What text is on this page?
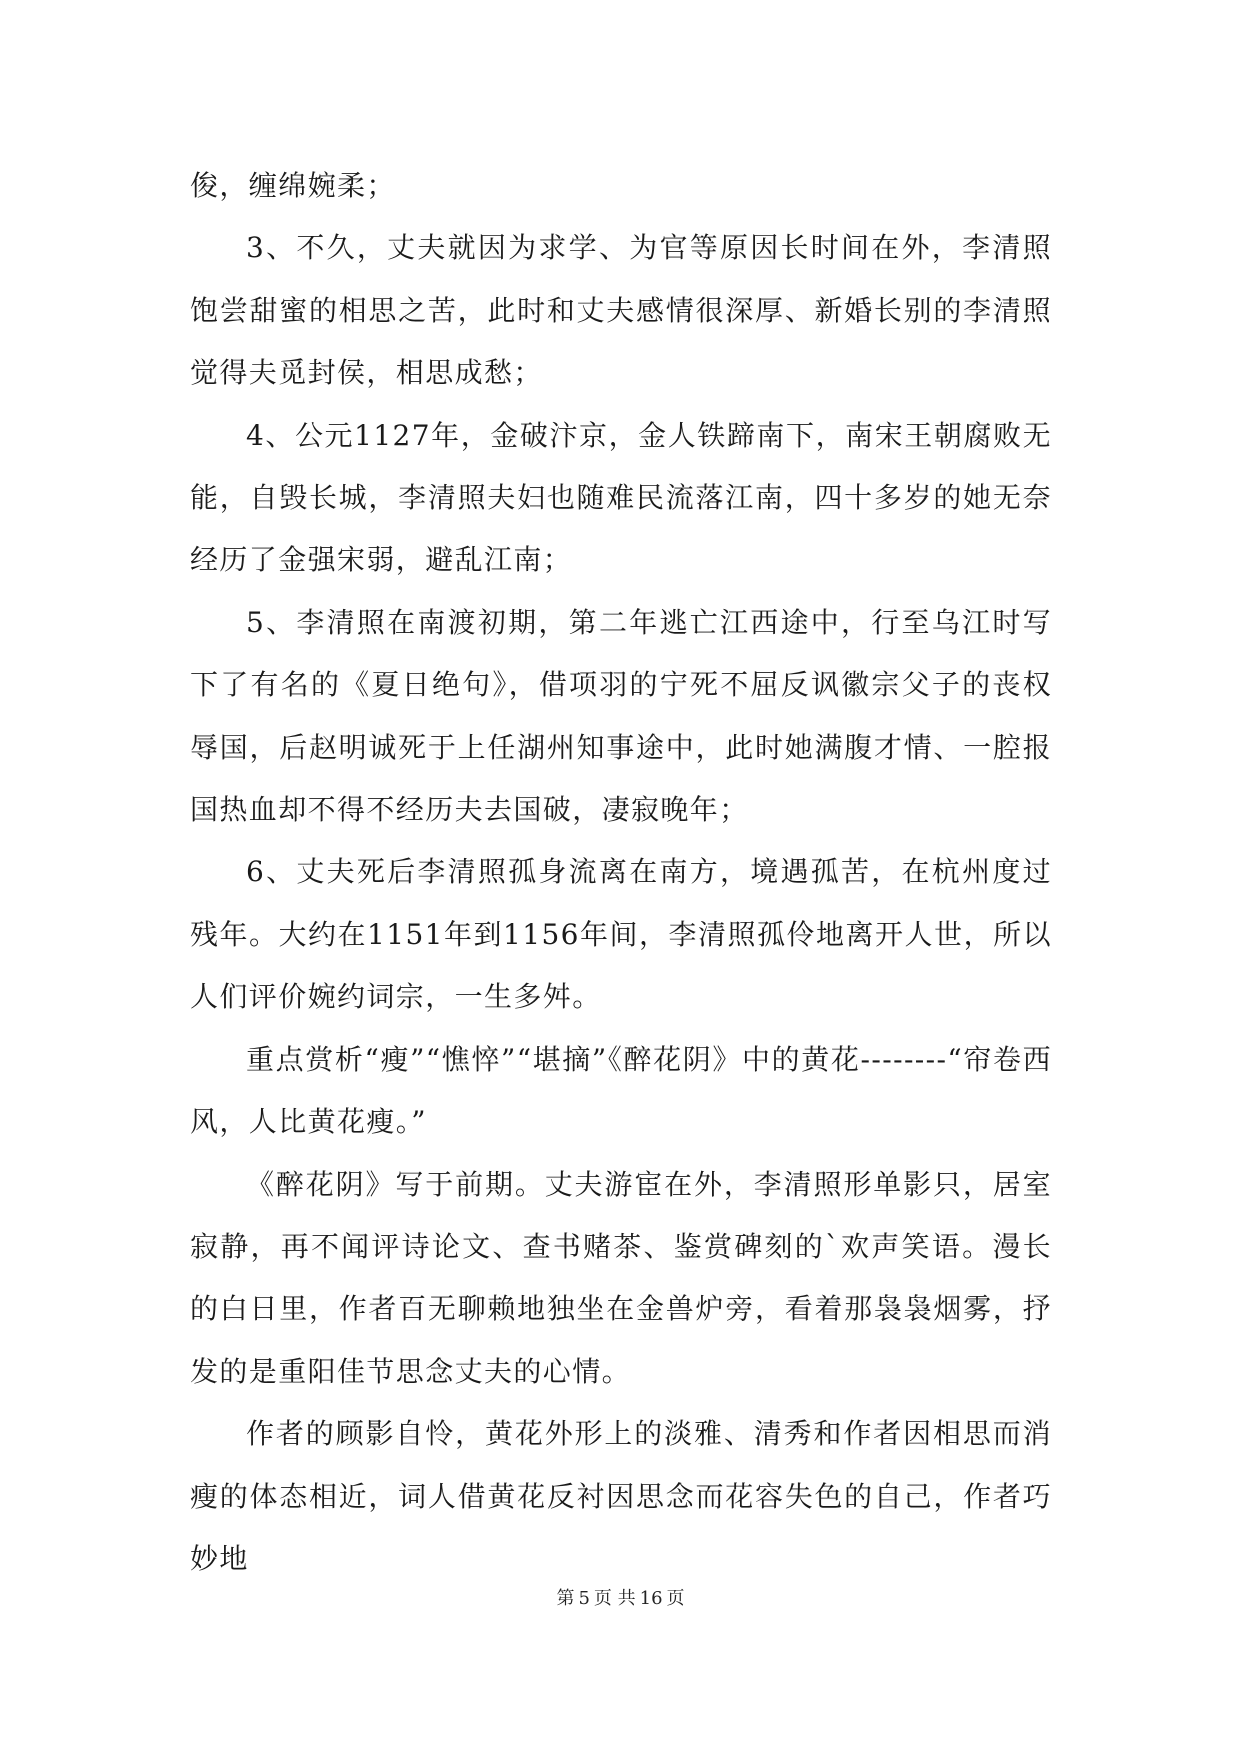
俊，缠绵婉柔；

3、不久，丈夫就因为求学、为官等原因长时间在外，李清照饱尝甜蜜的相思之苦，此时和丈夫感情很深厚、新婚长别的李清照觉得夫觅封侯，相思成愁；

4、公元1127年，金破汴京，金人铁蹄南下，南宋王朝腐败无能，自毁长城，李清照夫妇也随难民流落江南，四十多岁的她无奈经历了金强宋弱，避乱江南；

5、李清照在南渡初期，第二年逃亡江西途中，行至乌江时写下了有名的《夏日绝句》，借项羽的宁死不屈反讽徽宗父子的丧权辱国，后赵明诚死于上任湖州知事途中，此时她满腹才情、一腔报国热血却不得不经历夫去国破，凄寂晚年；

6、丈夫死后李清照孤身流离在南方，境遇孤苦，在杭州度过残年。大约在1151年到1156年间，李清照孤伶地离开人世，所以人们评价婉约词宗，一生多舛。

重点赏析“瘦”“憔悴”“堪摘”《醉花阴》中的黄花--------“帘卷西风，人比黄花瘦。”

《醉花阴》写于前期。丈夫游宦在外，李清照形单影只，居室寂静，再不闻评诗论文、查书赌茶、鉴赏碑刻的`欢声笑语。漫长的白日里，作者百无聊赖地独坐在金兽炉旁，看着那袅袅烟雾，抒发的是重阳佳节思念丈夫的心情。

作者的顾影自怜，黄花外形上的淡雅、清秀和作者因相思而消瘦的体态相近，词人借黄花反衬因思念而花容失色的自己，作者巧妙地

第 5 页 共 16 页
